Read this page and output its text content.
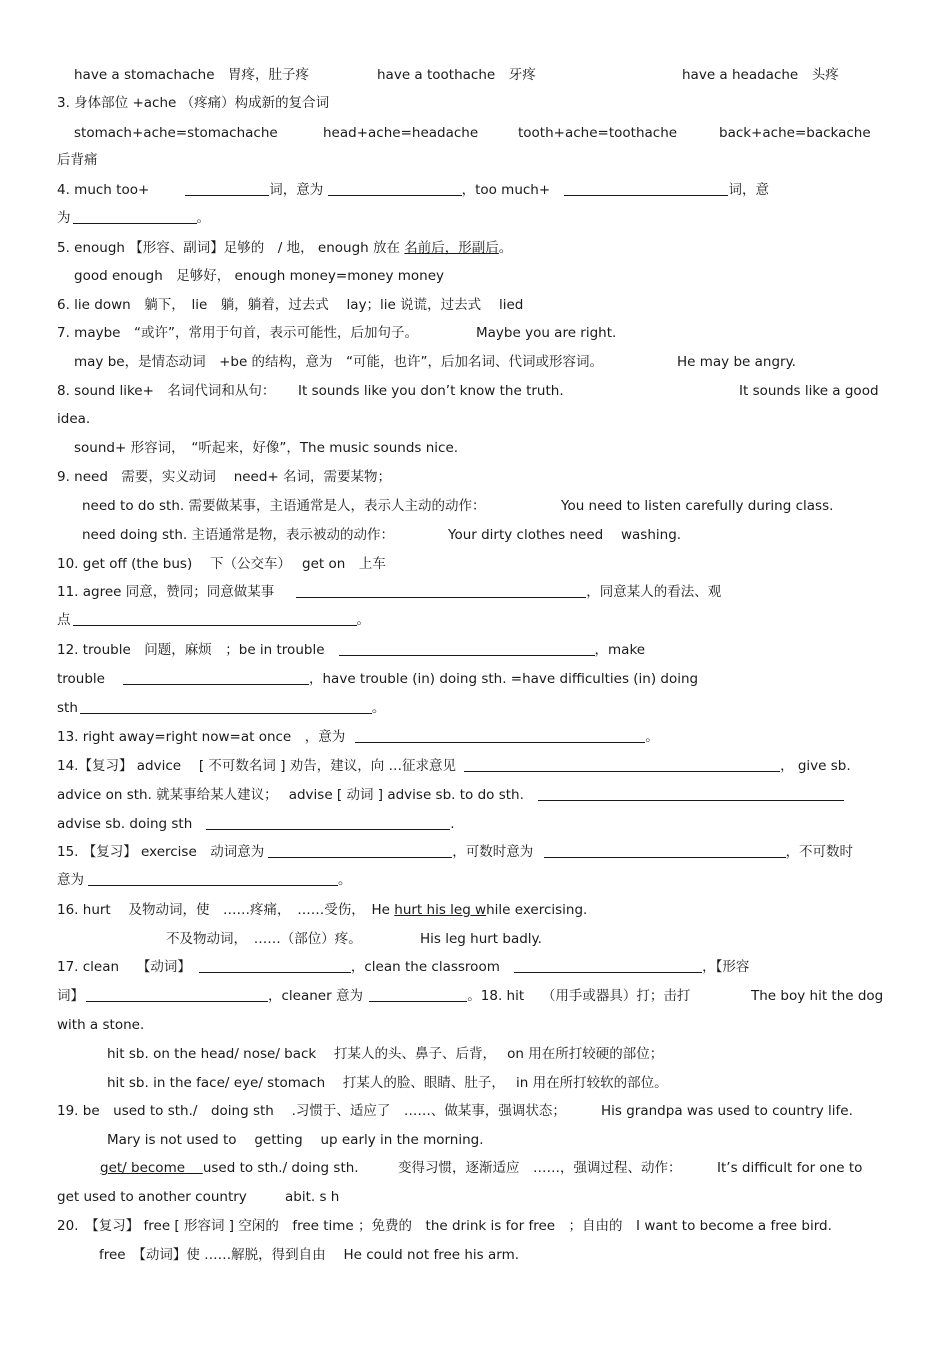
have a stomachache　胃疼，肚子疼	have a toothache　牙疼	have a headache　头疼
3. 身体部位 +ache （疼痛）构成新的复合词
stomach+ache=stomachache	head+ache=headache	tooth+ache=toothache	back+ache=backache
后背痛
4. much too+	词，意为	，too much+	词，意
为	。
5. enough 【形容、副词】足够的　/ 地， enough 放在 名前后，形副后。
good enough　足够好， enough money=money money
6. lie down　躺下，　lie　躺，躺着，过去式　 lay；lie 说谎，过去式　 lied
7. maybe　“或许”，常用于句首，表示可能性，后加句子。	Maybe you are right.
may be，是情态动词　+be 的结构，意为　“可能，也许”，后加名词、代词或形容词。	He may be angry.
8. sound like+　名词代词和从句： It sounds like you don’t know the truth.	It sounds like a good
idea.
sound+ 形容词，　“听起来，好像”，The music sounds nice.
9. need　需要，实义动词　 need+ 名词，需要某物；
need to do sth. 需要做某事，主语通常是人，表示人主动的动作：	You need to listen carefully during class.
need doing sth. 主语通常是物，表示被动的动作：	Your dirty clothes need　 washing.
10. get off (the bus)　 下（公交车）　 get on　上车
11. agree 同意，赞同；同意做某事	，同意某人的看法、观
点	。
12. trouble　问题，麻烦　；be in trouble	，make
trouble	，have trouble (in) doing sth. =have difficulties (in) doing
sth	。
13. right away=right now=at once　，意为	。
14.【复习】 advice　 [ 不可数名词 ] 劝告，建议，向 …征求意见	， give sb.
advice on sth. 就某事给某人建议；　 advise [ 动词 ] advise sb. to do sth.
advise sb. doing sth	.
15. 【复习】 exercise　动词意为	，可数时意为	，不可数时
意为	。
16. hurt　 及物动词，使　……疼痛，　……受伤，　He hurt his leg while exercising.
不及物动词，　……（部位）疼。	His leg hurt badly.
17. clean　 【动词】	，clean the classroom	，【形容
词】	，cleaner 意为	。18. hit　 （用手或器具）打；击打	The boy hit the dog
with a stone.
hit sb. on the head/ nose/ back　 打某人的头、鼻子、后背，　 on 用在所打较硬的部位；
hit sb. in the face/ eye/ stomach　 打某人的脸、眼睛、肚子，　 in 用在所打较软的部位。
19. be　used to sth./　doing sth　 .习惯于、适应了　……、做某事，强调状态；	His grandpa was used to country life.
Mary is not used to　 getting　 up early in the morning.
get/ become　 used to sth./ doing sth.	变得习惯，逐渐适应　……，强调过程、动作：	It’s difficult for one to
get used to another country	abit. s h
20.　【复习】 free [ 形容词 ] 空闲的　free time ；免费的　the drink is for free　；自由的　I want to become a free bird.
free　【动词】使 ……解脱，得到自由　 He could not free his arm.
